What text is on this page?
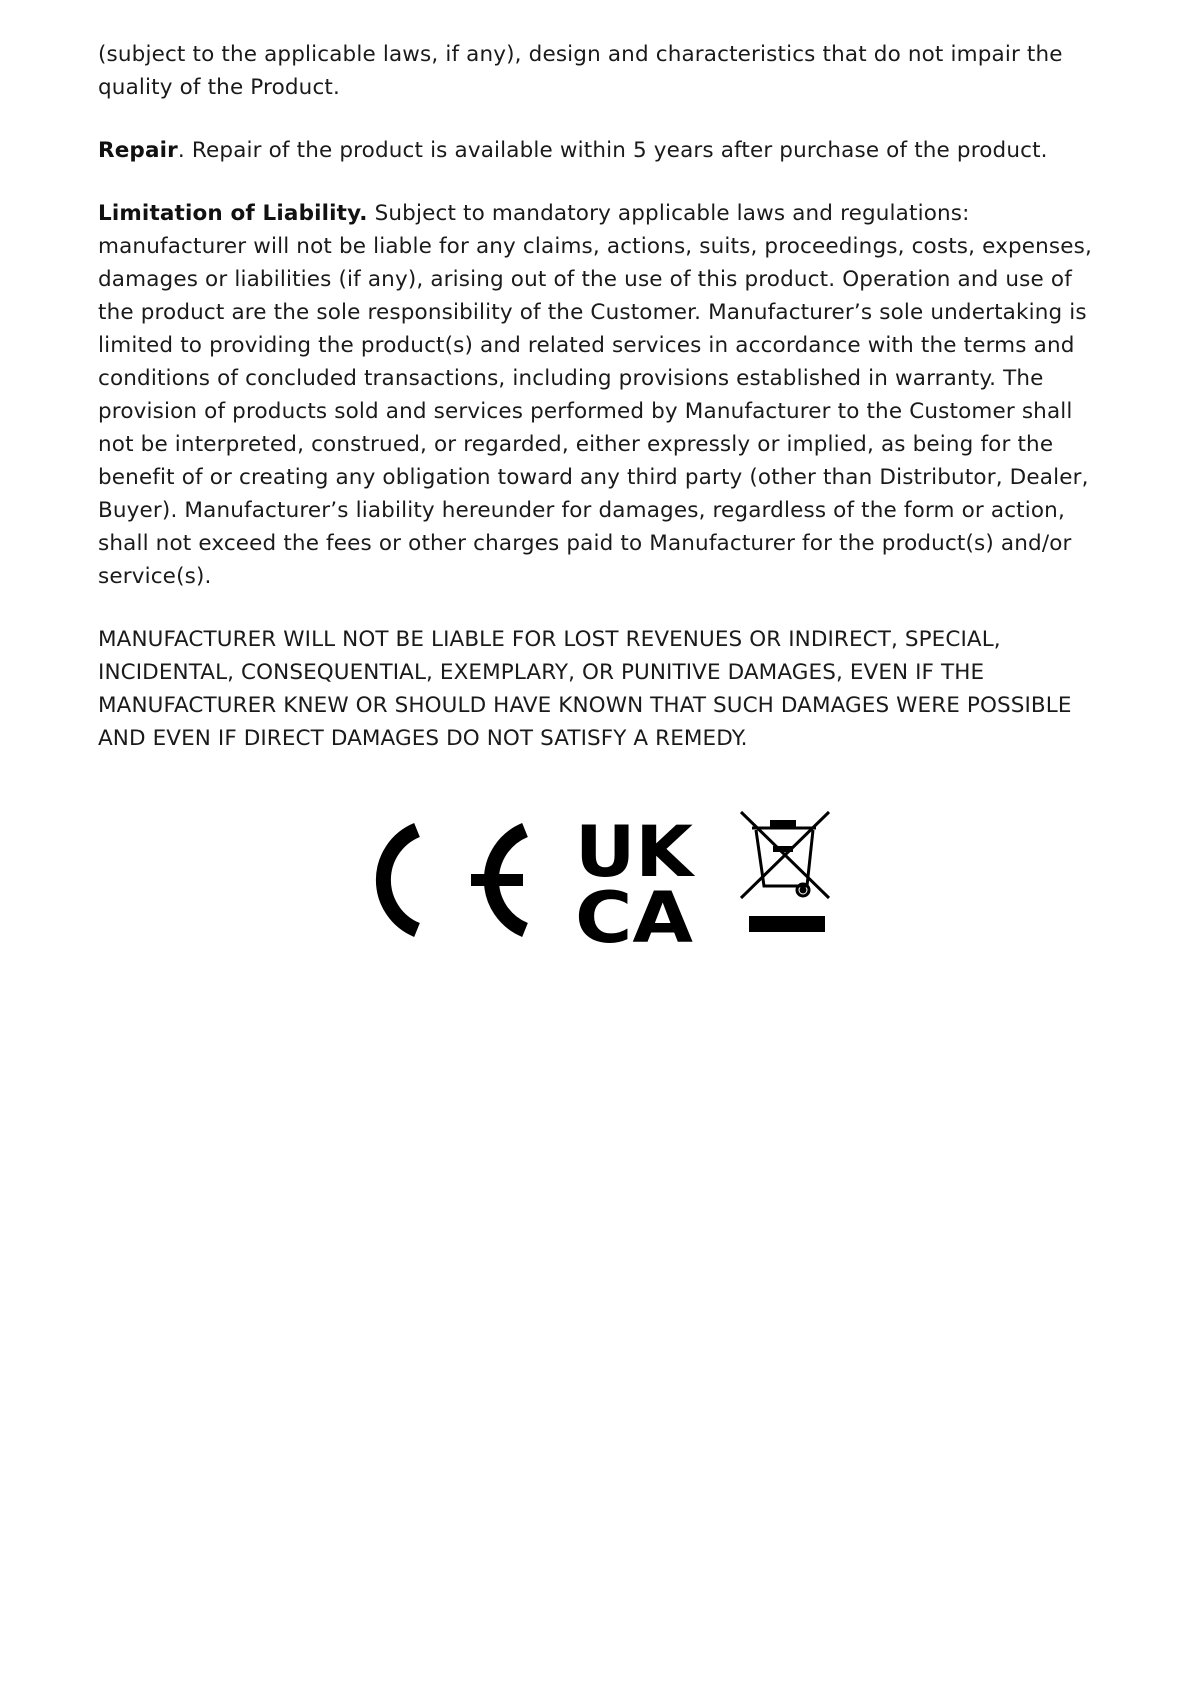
(subject to the applicable laws, if any), design and characteristics that do not impair the quality of the Product.

Repair. Repair of the product is available within 5 years after purchase of the product.

Limitation of Liability. Subject to mandatory applicable laws and regulations: manufacturer will not be liable for any claims, actions, suits, proceedings, costs, expenses, damages or liabilities (if any), arising out of the use of this product. Operation and use of the product are the sole responsibility of the Customer. Manufacturer’s sole undertaking is limited to providing the product(s) and related services in accordance with the terms and conditions of concluded transactions, including provisions established in warranty. The provision of products sold and services performed by Manufacturer to the Customer shall not be interpreted, construed, or regarded, either expressly or implied, as being for the benefit of or creating any obligation toward any third party (other than Distributor, Dealer, Buyer). Manufacturer’s liability hereunder for damages, regardless of the form or action, shall not exceed the fees or other charges paid to Manufacturer for the product(s) and/or service(s).

MANUFACTURER WILL NOT BE LIABLE FOR LOST REVENUES OR INDIRECT, SPECIAL, INCIDENTAL, CONSEQUENTIAL, EXEMPLARY, OR PUNITIVE DAMAGES, EVEN IF THE MANUFACTURER KNEW OR SHOULD HAVE KNOWN THAT SUCH DAMAGES WERE POSSIBLE AND EVEN IF DIRECT DAMAGES DO NOT SATISFY A REMEDY.

UK
CA
